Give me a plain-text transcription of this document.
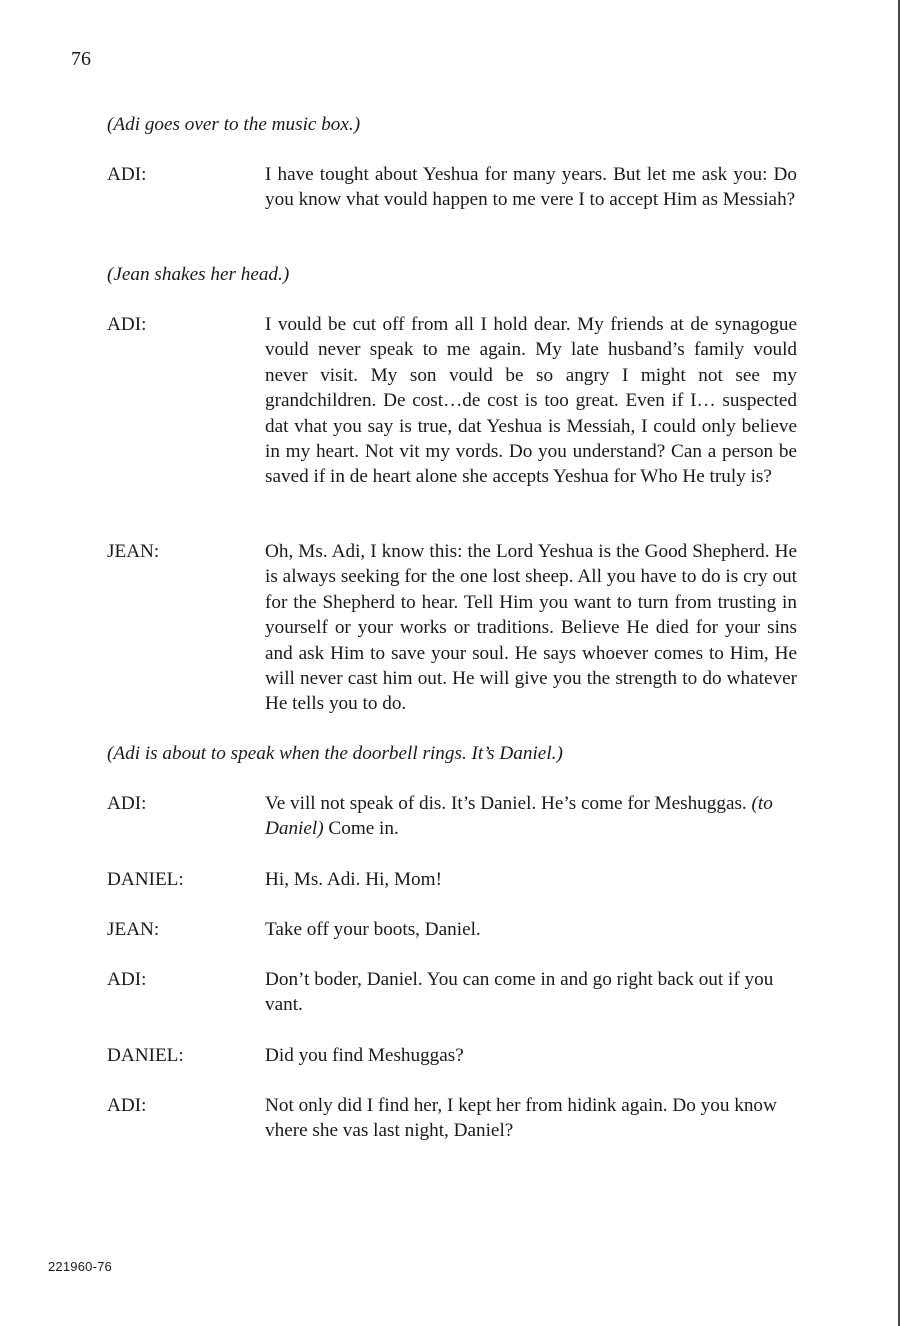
76
(Adi goes over to the music box.)
ADI:	I have tought about Yeshua for many years. But let me ask you: Do you know vhat vould happen to me vere I to accept Him as Messiah?
(Jean shakes her head.)
ADI:	I vould be cut off from all I hold dear. My friends at de synagogue vould never speak to me again. My late husband’s family vould never visit. My son vould be so angry I might not see my grandchildren. De cost…de cost is too great. Even if I… suspected dat vhat you say is true, dat Yeshua is Messiah, I could only believe in my heart. Not vit my vords. Do you understand? Can a person be saved if in de heart alone she accepts Yeshua for Who He truly is?
JEAN:	Oh, Ms. Adi, I know this: the Lord Yeshua is the Good Shepherd. He is always seeking for the one lost sheep. All you have to do is cry out for the Shepherd to hear. Tell Him you want to turn from trusting in yourself or your works or traditions. Believe He died for your sins and ask Him to save your soul. He says whoever comes to Him, He will never cast him out. He will give you the strength to do whatever He tells you to do.
(Adi is about to speak when the doorbell rings. It’s Daniel.)
ADI:	Ve vill not speak of dis. It’s Daniel. He’s come for Meshuggas. (to Daniel) Come in.
DANIEL:	Hi, Ms. Adi. Hi, Mom!
JEAN:	Take off your boots, Daniel.
ADI:	Don’t boder, Daniel. You can come in and go right back out if you vant.
DANIEL:	Did you find Meshuggas?
ADI:	Not only did I find her, I kept her from hidink again. Do you know vhere she vas last night, Daniel?
221960-76
